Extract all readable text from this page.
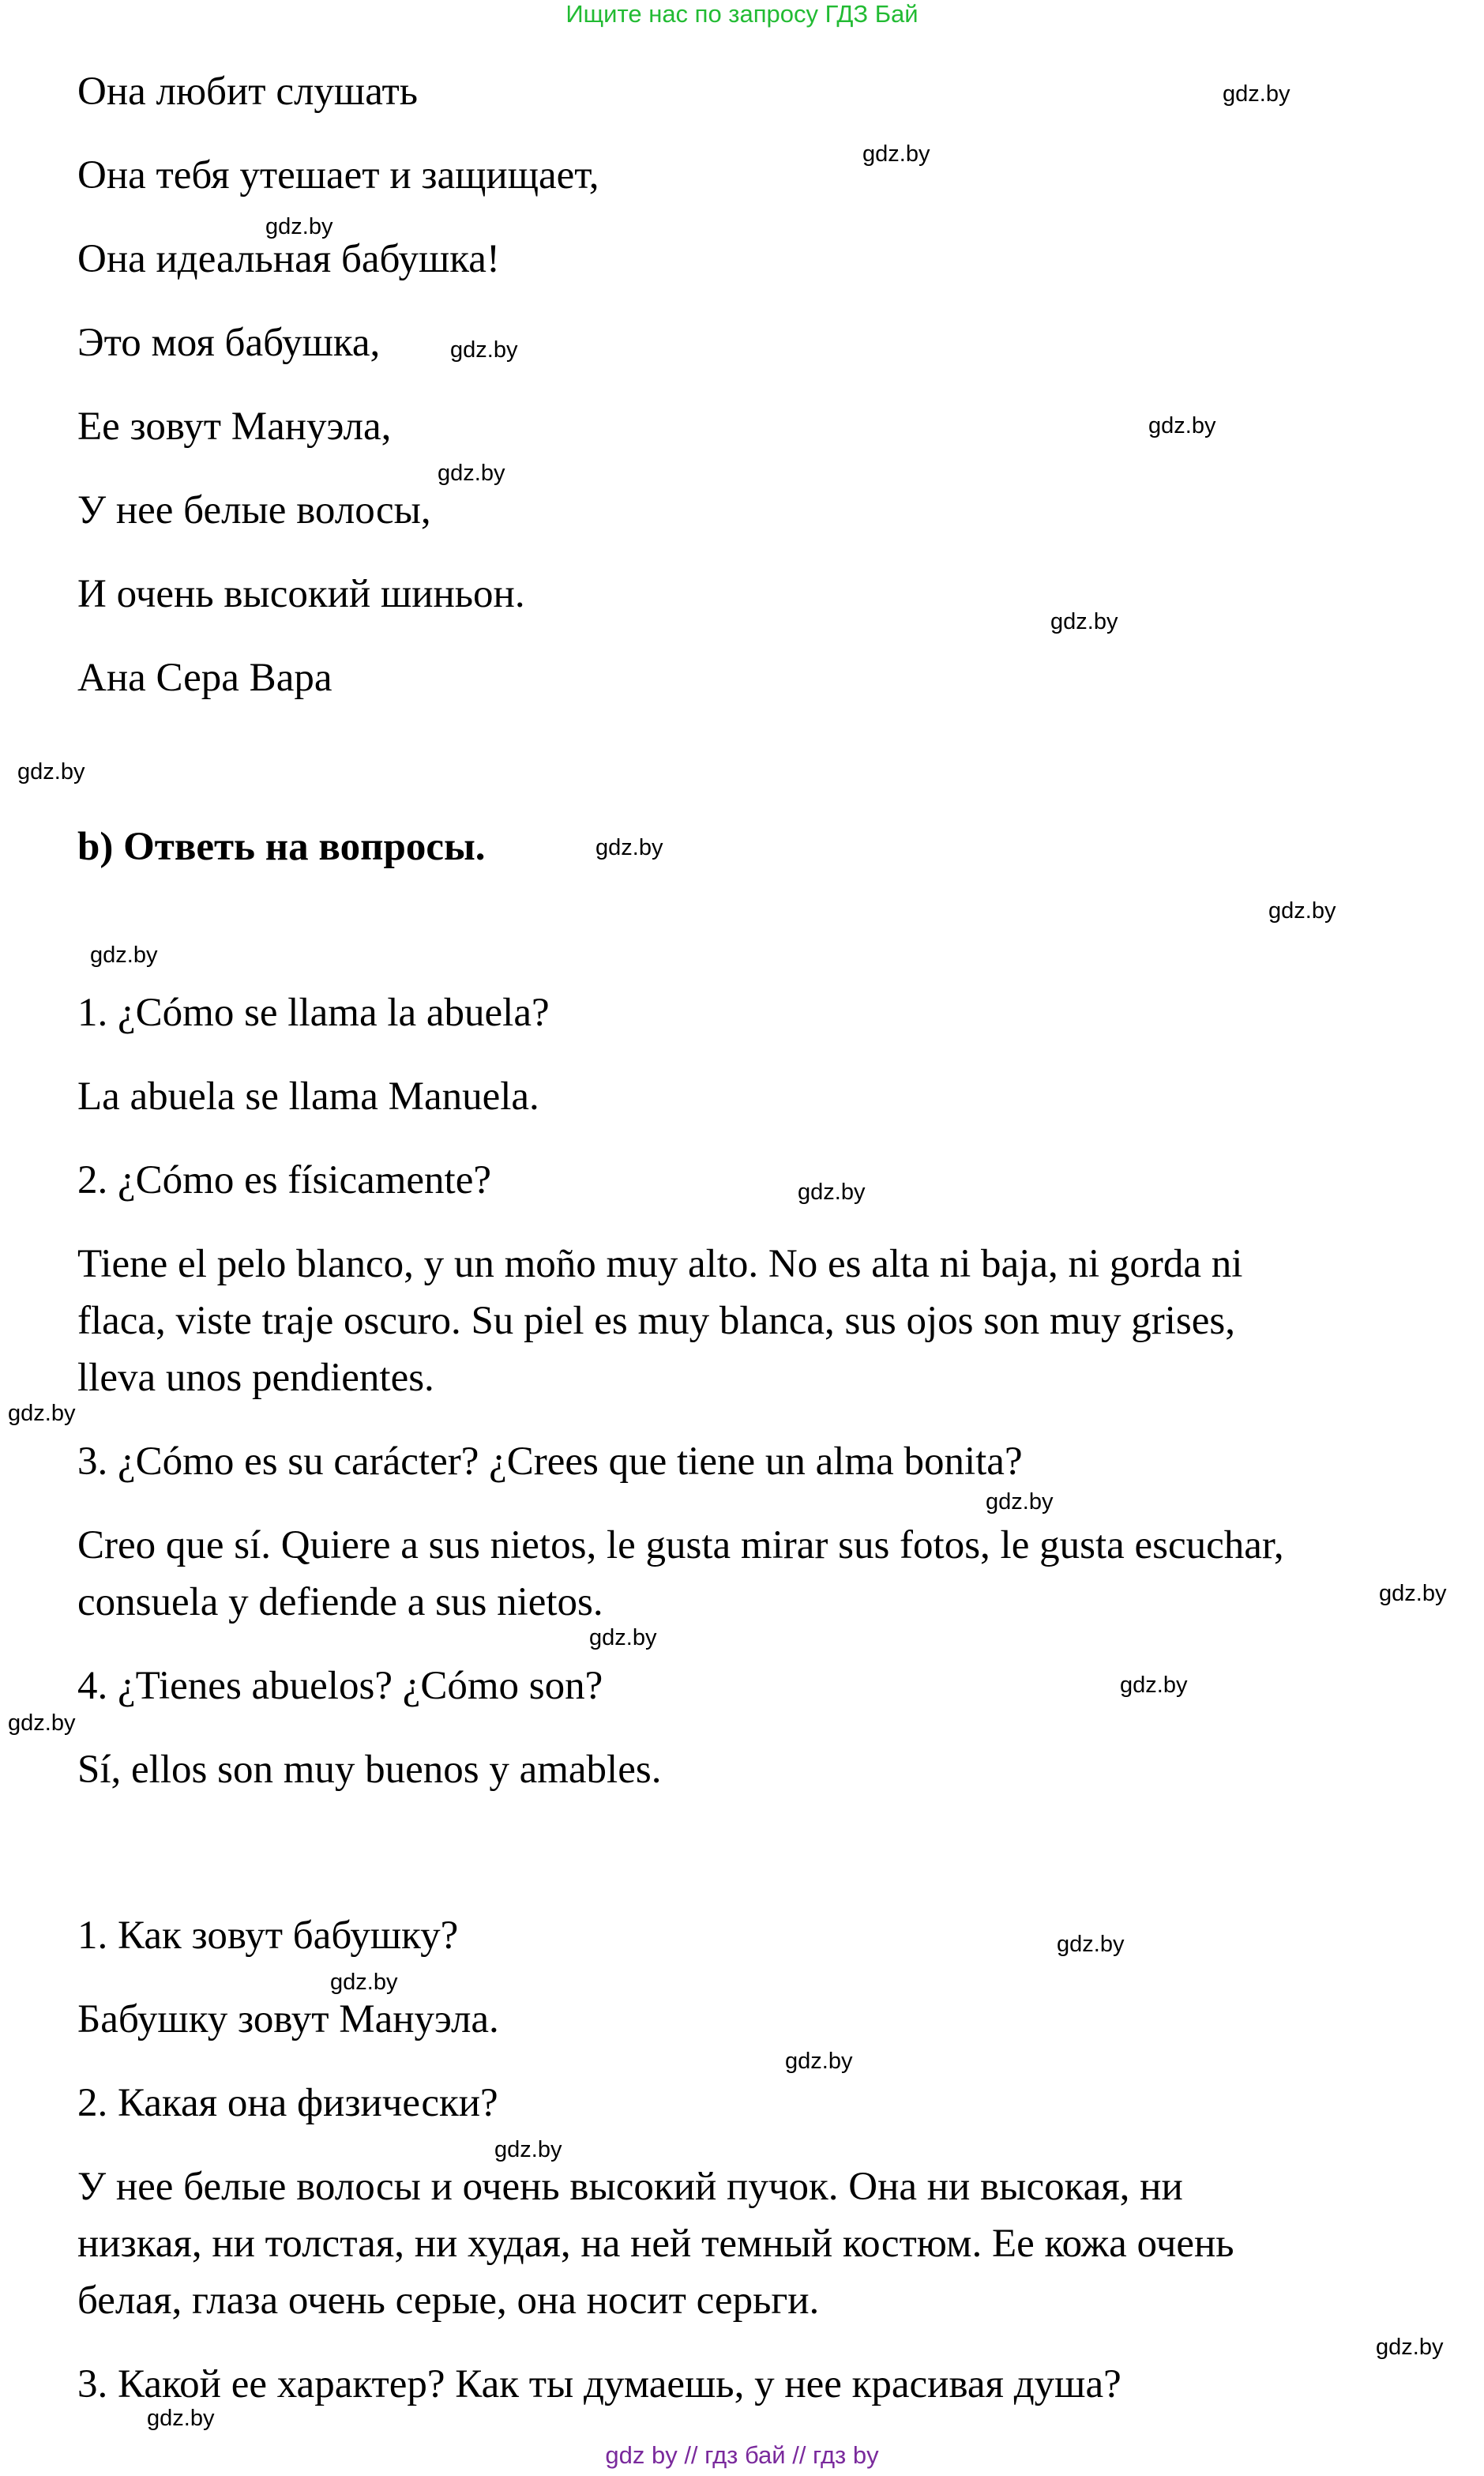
Ищите нас по запросу ГДЗ Бай
Она любит слушать
Она тебя утешает и защищает,
Она идеальная бабушка!
Это моя бабушка,
Ее зовут Мануэла,
У нее белые волосы,
И очень высокий шиньон.
Ана Сера Вара
b) Ответь на вопросы.
1. ¿Cómo se llama la abuela?
La abuela se llama Manuela.
2. ¿Cómo es físicamente?
Tiene el pelo blanco, y un moño muy alto. No es alta ni baja, ni gorda ni
flaca, viste traje oscuro. Su piel es muy blanca, sus ojos son muy grises,
lleva unos pendientes.
3. ¿Cómo es su carácter? ¿Crees que tiene un alma bonita?
Creo que sí. Quiere a sus nietos, le gusta mirar sus fotos, le gusta escuchar,
consuela y defiende a sus nietos.
4. ¿Tienes abuelos? ¿Cómo son?
Sí, ellos son muy buenos y amables.
1. Как зовут бабушку?
Бабушку зовут Мануэла.
2. Какая она физически?
У нее белые волосы и очень высокий пучок. Она ни высокая, ни
низкая, ни толстая, ни худая, на ней темный костюм. Ее кожа очень
белая, глаза очень серые, она носит серьги.
3. Какой ее характер? Как ты думаешь, у нее красивая душа?
gdz.by
gdz.by
gdz.by
gdz.by
gdz.by
gdz.by
gdz.by
gdz.by
gdz.by
gdz.by
gdz.by
gdz.by
gdz.by
gdz.by
gdz.by
gdz.by
gdz.by
gdz.by
gdz.by
gdz.by
gdz.by
gdz.by
gdz.by
gdz.by
gdz by // гдз бай // гдз by
